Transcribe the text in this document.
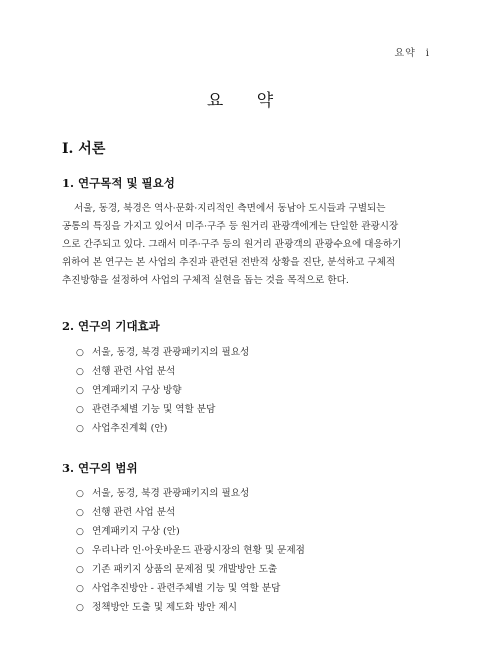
요약 i
요 약
Ⅰ. 서론
1. 연구목적 및 필요성
서울, 동경, 북경은 역사·문화·지리적인 측면에서 동남아 도시들과 구별되는
공통의 특징을 가지고 있어서 미주·구주 등 원거리 관광객에게는 단일한 관광시장
으로 간주되고 있다. 그래서 미주·구주 등의 원거리 관광객의 관광수요에 대응하기
위하여 본 연구는 본 사업의 추진과 관련된 전반적 상황을 진단, 분석하고 구체적
추진방향을 설정하여 사업의 구체적 실현을 돕는 것을 목적으로 한다.
2. 연구의 기대효과
○ 서울, 동경, 북경 관광패키지의 필요성
○ 선행 관련 사업 분석
○ 연계패키지 구상 방향
○ 관련주체별 기능 및 역할 분담
○ 사업추진계획 (안)
3. 연구의 범위
○ 서울, 동경, 북경 관광패키지의 필요성
○ 선행 관련 사업 분석
○ 연계패키지 구상 (안)
○ 우리나라 인·아웃바운드 관광시장의 현황 및 문제점
○ 기존 패키지 상품의 문제점 및 개발방안 도출
○ 사업추진방안 - 관련주체별 기능 및 역할 분담
○ 정책방안 도출 및 제도화 방안 제시
